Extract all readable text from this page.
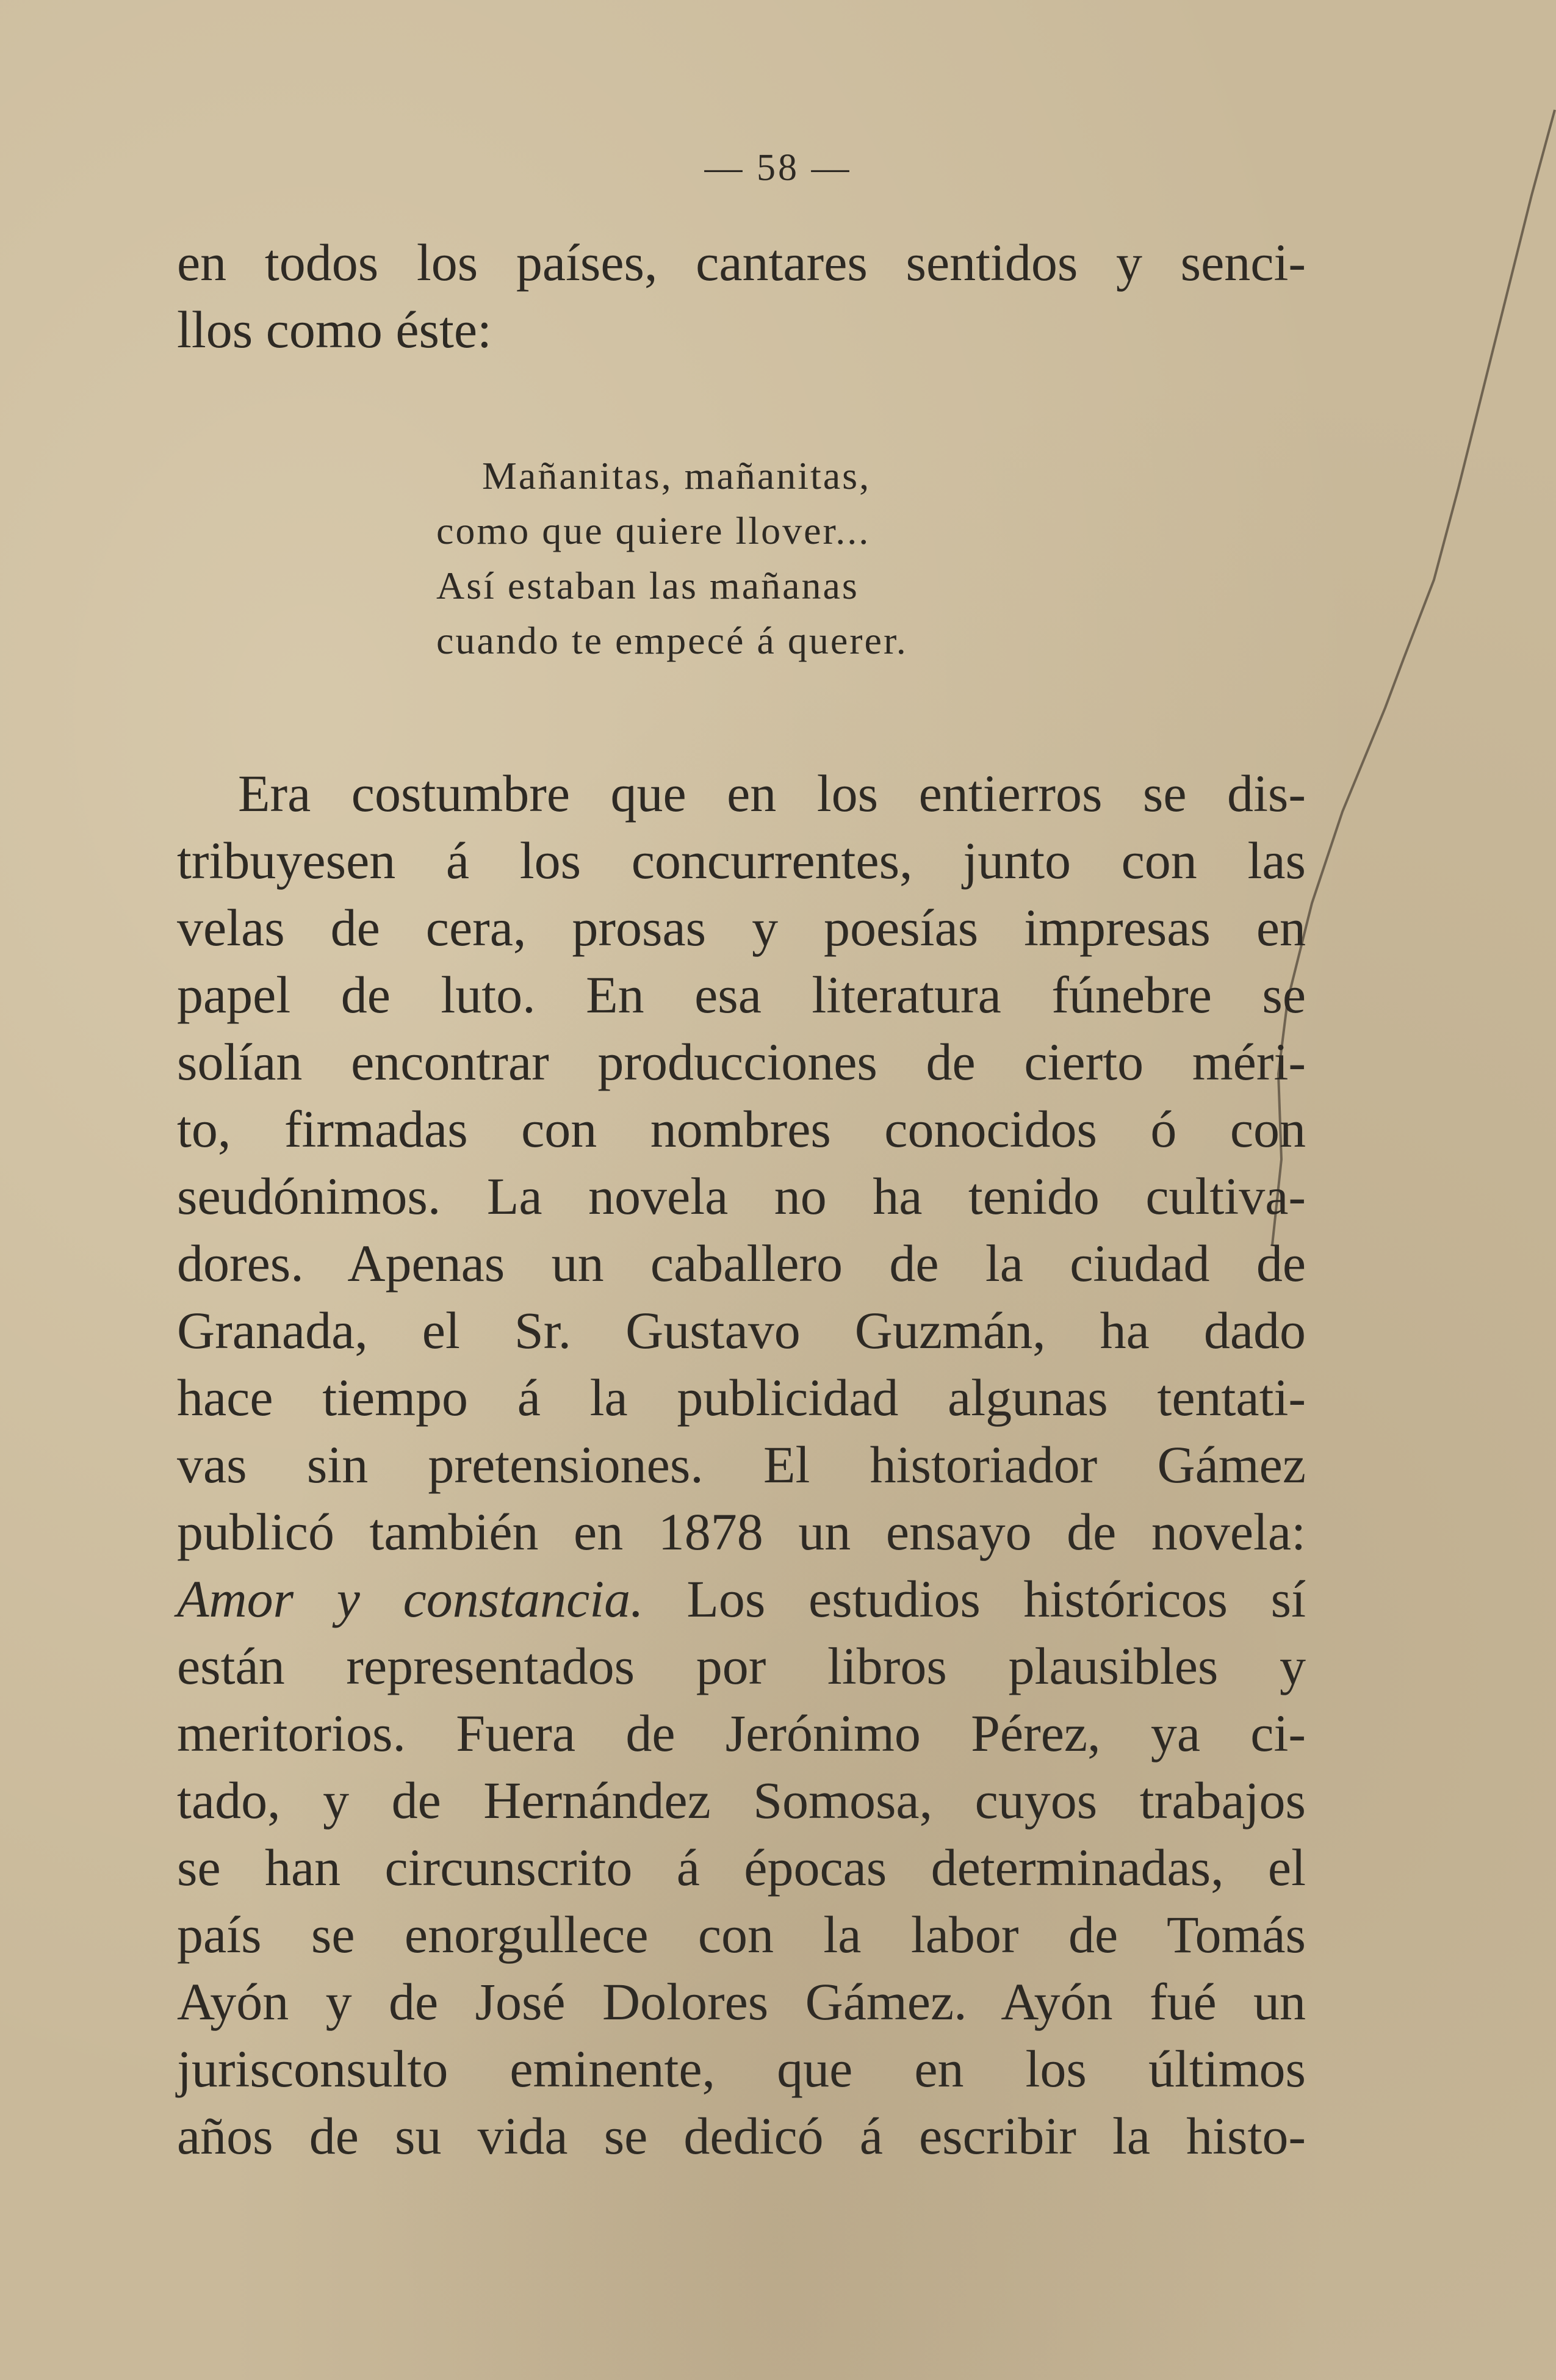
— 58 —
en todos los países, cantares sentidos y senci-
llos como éste:
Mañanitas, mañanitas,
como que quiere llover...
Así estaban las mañanas
cuando te empecé á querer.
Era costumbre que en los entierros se dis-
tribuyesen á los concurrentes, junto con las
velas de cera, prosas y poesías impresas en
papel de luto. En esa literatura fúnebre se
solían encontrar producciones de cierto méri-
to, firmadas con nombres conocidos ó con
seudónimos. La novela no ha tenido cultiva-
dores. Apenas un caballero de la ciudad de
Granada, el Sr. Gustavo Guzmán, ha dado
hace tiempo á la publicidad algunas tentati-
vas sin pretensiones. El historiador Gámez
publicó también en 1878 un ensayo de novela:
Amor y constancia. Los estudios históricos sí
están representados por libros plausibles y
meritorios. Fuera de Jerónimo Pérez, ya ci-
tado, y de Hernández Somosa, cuyos trabajos
se han circunscrito á épocas determinadas, el
país se enorgullece con la labor de Tomás
Ayón y de José Dolores Gámez. Ayón fué un
jurisconsulto eminente, que en los últimos
años de su vida se dedicó á escribir la histo-
